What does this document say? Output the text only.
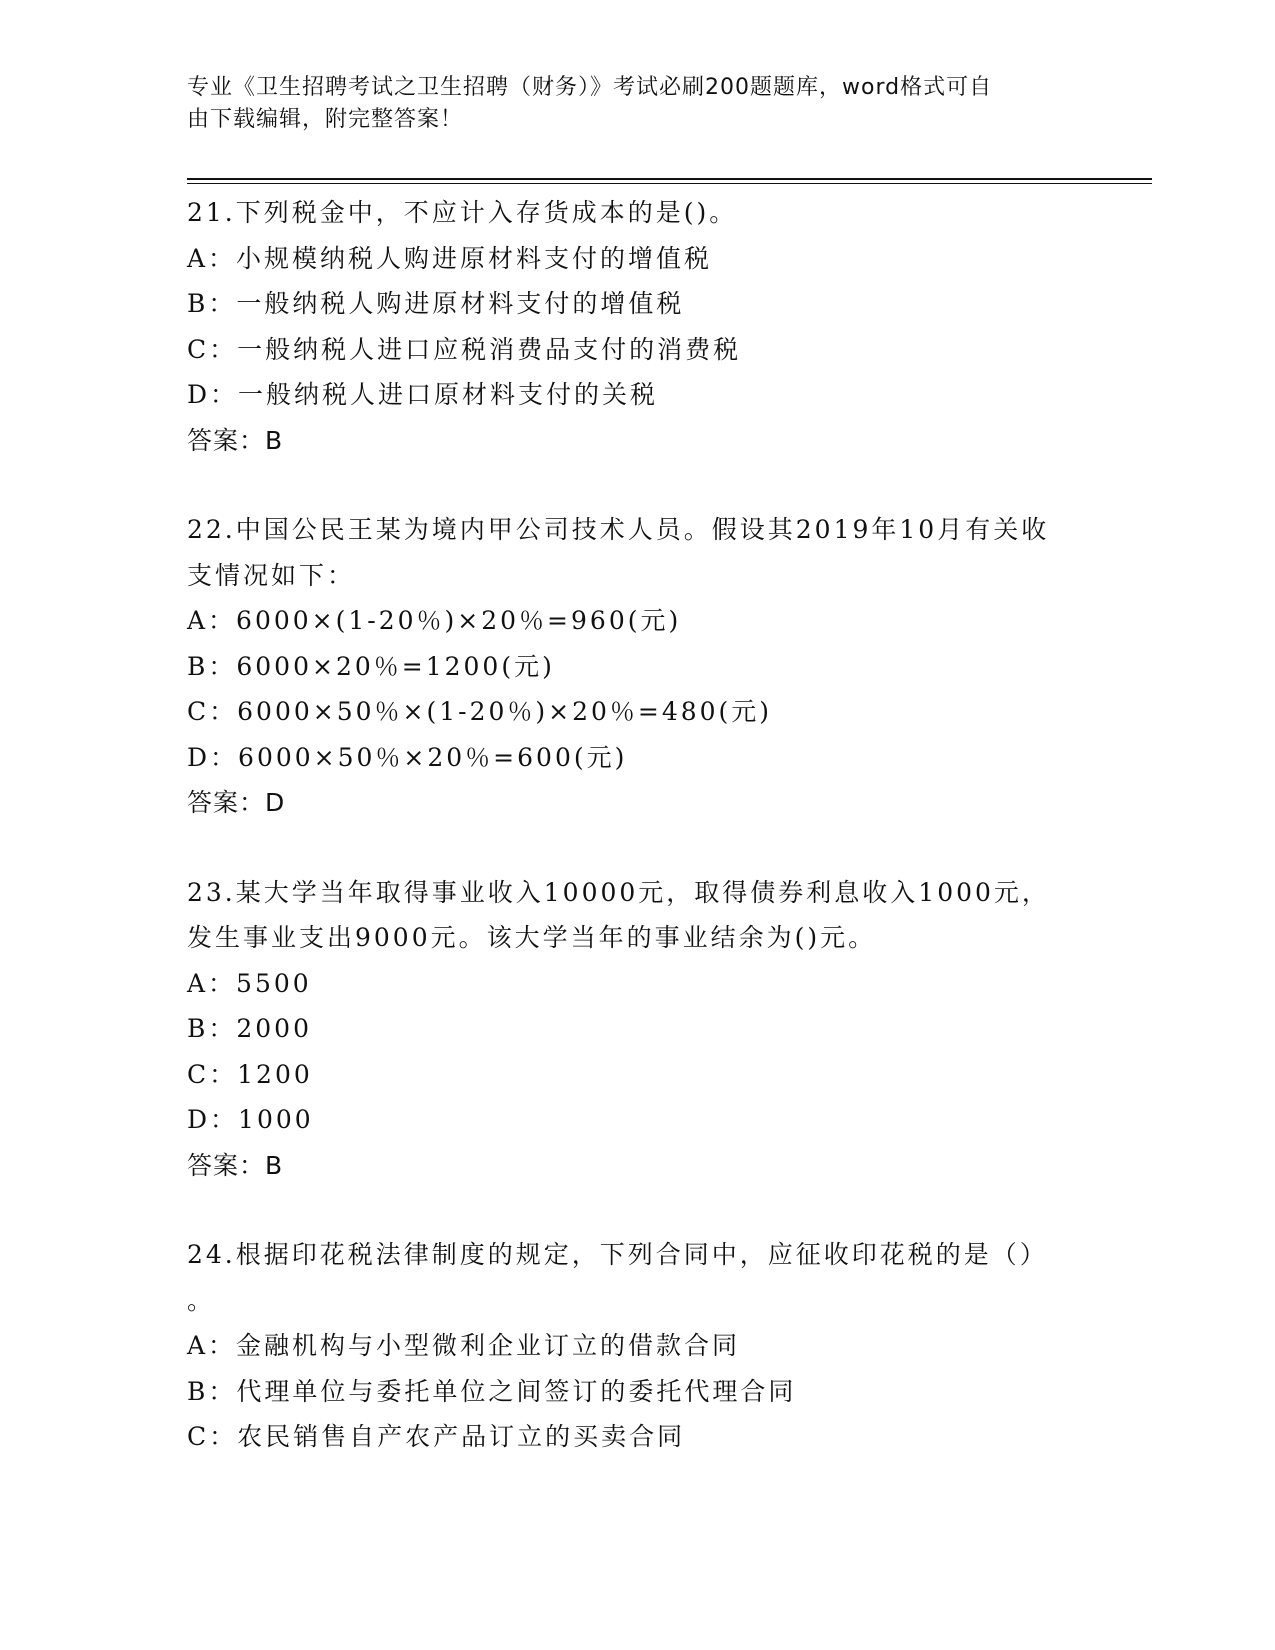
专业《卫生招聘考试之卫生招聘（财务）》考试必刷200题题库，word格式可自
由下载编辑，附完整答案！
21.下列税金中，不应计入存货成本的是()。
A：小规模纳税人购进原材料支付的增值税
B：一般纳税人购进原材料支付的增值税
C：一般纳税人进口应税消费品支付的消费税
D：一般纳税人进口原材料支付的关税
答案：B
22.中国公民王某为境内甲公司技术人员。假设其2019年10月有关收
支情况如下：
A：6000×(1-20％)×20％=960(元)
B：6000×20％=1200(元)
C：6000×50％×(1-20％)×20％=480(元)
D：6000×50％×20％=600(元)
答案：D
23.某大学当年取得事业收入10000元，取得债券利息收入1000元，
发生事业支出9000元。该大学当年的事业结余为()元。
A：5500
B：2000
C：1200
D：1000
答案：B
24.根据印花税法律制度的规定，下列合同中，应征收印花税的是（）
。
A：金融机构与小型微利企业订立的借款合同
B：代理单位与委托单位之间签订的委托代理合同
C：农民销售自产农产品订立的买卖合同
